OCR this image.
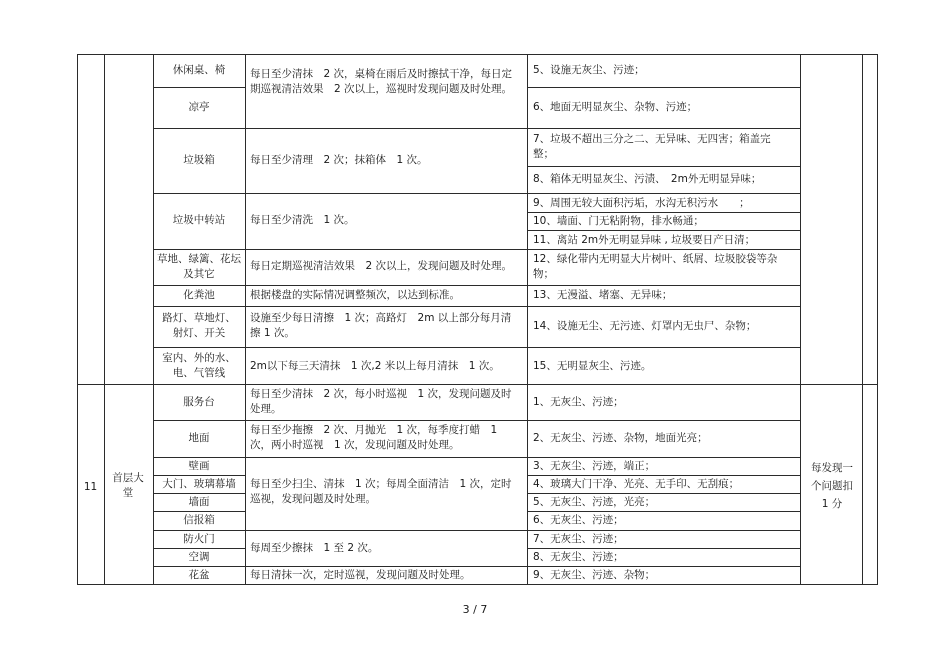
休闲桌、椅
凉亭
垃圾箱
垃圾中转站
草地、绿篱、花坛及其它
化粪池
路灯、草地灯、射灯、开关
室内、外的水、电、气管线
每日至少清抹　2 次，桌椅在雨后及时擦拭干净，每日定期巡视清洁效果　2 次以上，巡视时发现问题及时处理。
每日至少清理　2 次；抹箱体　1 次。
每日至少清洗　1 次。
每日定期巡视清洁效果　2 次以上，发现问题及时处理。
根据楼盘的实际情况调整频次，以达到标准。
设施至少每日清擦　1 次；高路灯　2m 以上部分每月清擦 1 次。
2m以下每三天清抹　1 次,2 米以上每月清抹　1 次。
5、设施无灰尘、污迹；
6、地面无明显灰尘、杂物、污迹；
7、垃圾不超出三分之二、无异味、无四害；箱盖完整；
8、箱体无明显灰尘、污渍、　2m外无明显异味；
9、周围无较大面积污垢，水沟无积污水　　；
10、墙面、门无粘附物，排水畅通；
11、离站 2m外无明显异味 , 垃圾要日产日清；
12、绿化带内无明显大片树叶、纸屑、垃圾胶袋等杂物；
13、无漫溢、堵塞、无异味；
14、设施无尘、无污迹、灯罩内无虫尸、杂物；
15、无明显灰尘、污迹。
11
首层大堂
服务台
地面
壁画
大门、玻璃幕墙
墙面
信报箱
防火门
空调
花盆
每日至少清抹　2 次，每小时巡视　1 次，发现问题及时处理。
每日至少拖擦　2 次、月抛光　1 次，每季度打蜡　1 次，两小时巡视　1 次，发现问题及时处理。
每日至少扫尘、清抹　1 次；每周全面清洁　1 次，定时巡视，发现问题及时处理。
每周至少擦抹　1 至 2 次。
每日清抹一次，定时巡视，发现问题及时处理。
1、无灰尘、污迹；
2、无灰尘、污迹、杂物，地面光亮；
3、无灰尘、污迹，端正；
4、玻璃大门干净、光亮、无手印、无刮痕；
5、无灰尘、污迹，光亮；
6、无灰尘、污迹；
7、无灰尘、污迹；
8、无灰尘、污迹；
9、无灰尘、污迹、杂物；
每发现一个问题扣 1 分
3 / 7
